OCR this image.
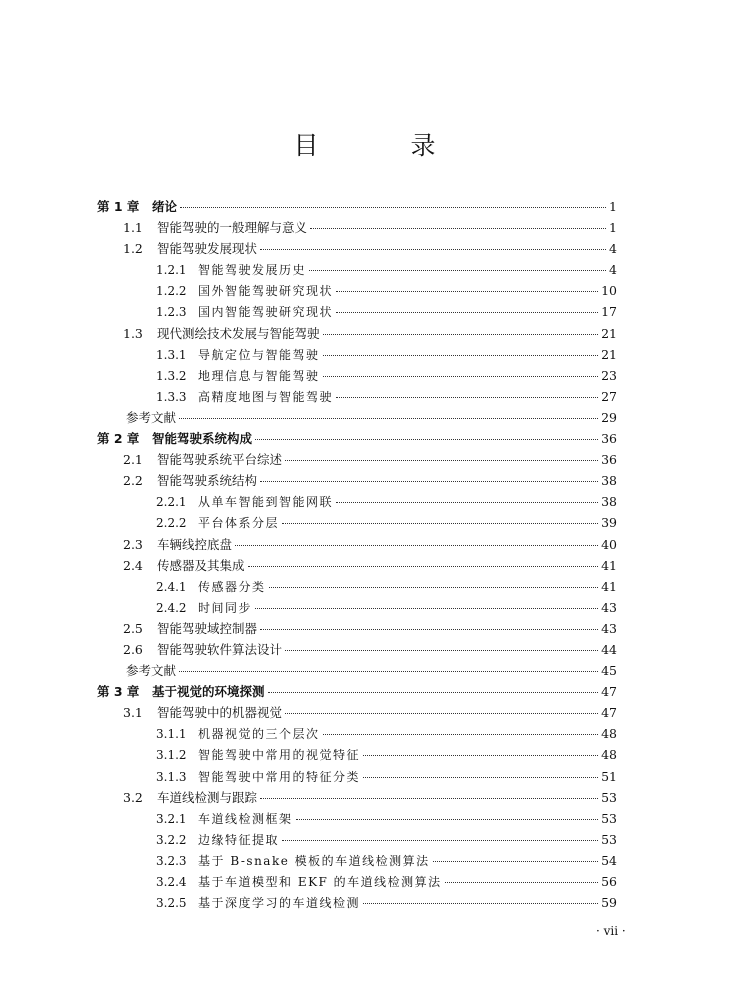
目 录
第 1 章	绪论	1
1.1	智能驾驶的一般理解与意义	1
1.2	智能驾驶发展现状	4
1.2.1 智能驾驶发展历史	4
1.2.2 国外智能驾驶研究现状	10
1.2.3 国内智能驾驶研究现状	17
1.3	现代测绘技术发展与智能驾驶	21
1.3.1 导航定位与智能驾驶	21
1.3.2 地理信息与智能驾驶	23
1.3.3 高精度地图与智能驾驶	27
参考文献	29
第 2 章	智能驾驶系统构成	36
2.1	智能驾驶系统平台综述	36
2.2	智能驾驶系统结构	38
2.2.1 从单车智能到智能网联	38
2.2.2 平台体系分层	39
2.3	车辆线控底盘	40
2.4	传感器及其集成	41
2.4.1 传感器分类	41
2.4.2 时间同步	43
2.5	智能驾驶域控制器	43
2.6	智能驾驶软件算法设计	44
参考文献	45
第 3 章	基于视觉的环境探测	47
3.1	智能驾驶中的机器视觉	47
3.1.1 机器视觉的三个层次	48
3.1.2 智能驾驶中常用的视觉特征	48
3.1.3 智能驾驶中常用的特征分类	51
3.2	车道线检测与跟踪	53
3.2.1 车道线检测框架	53
3.2.2 边缘特征提取	53
3.2.3 基于 B-snake 模板的车道线检测算法	54
3.2.4 基于车道模型和 EKF 的车道线检测算法	56
3.2.5 基于深度学习的车道线检测	59
· vii ·
